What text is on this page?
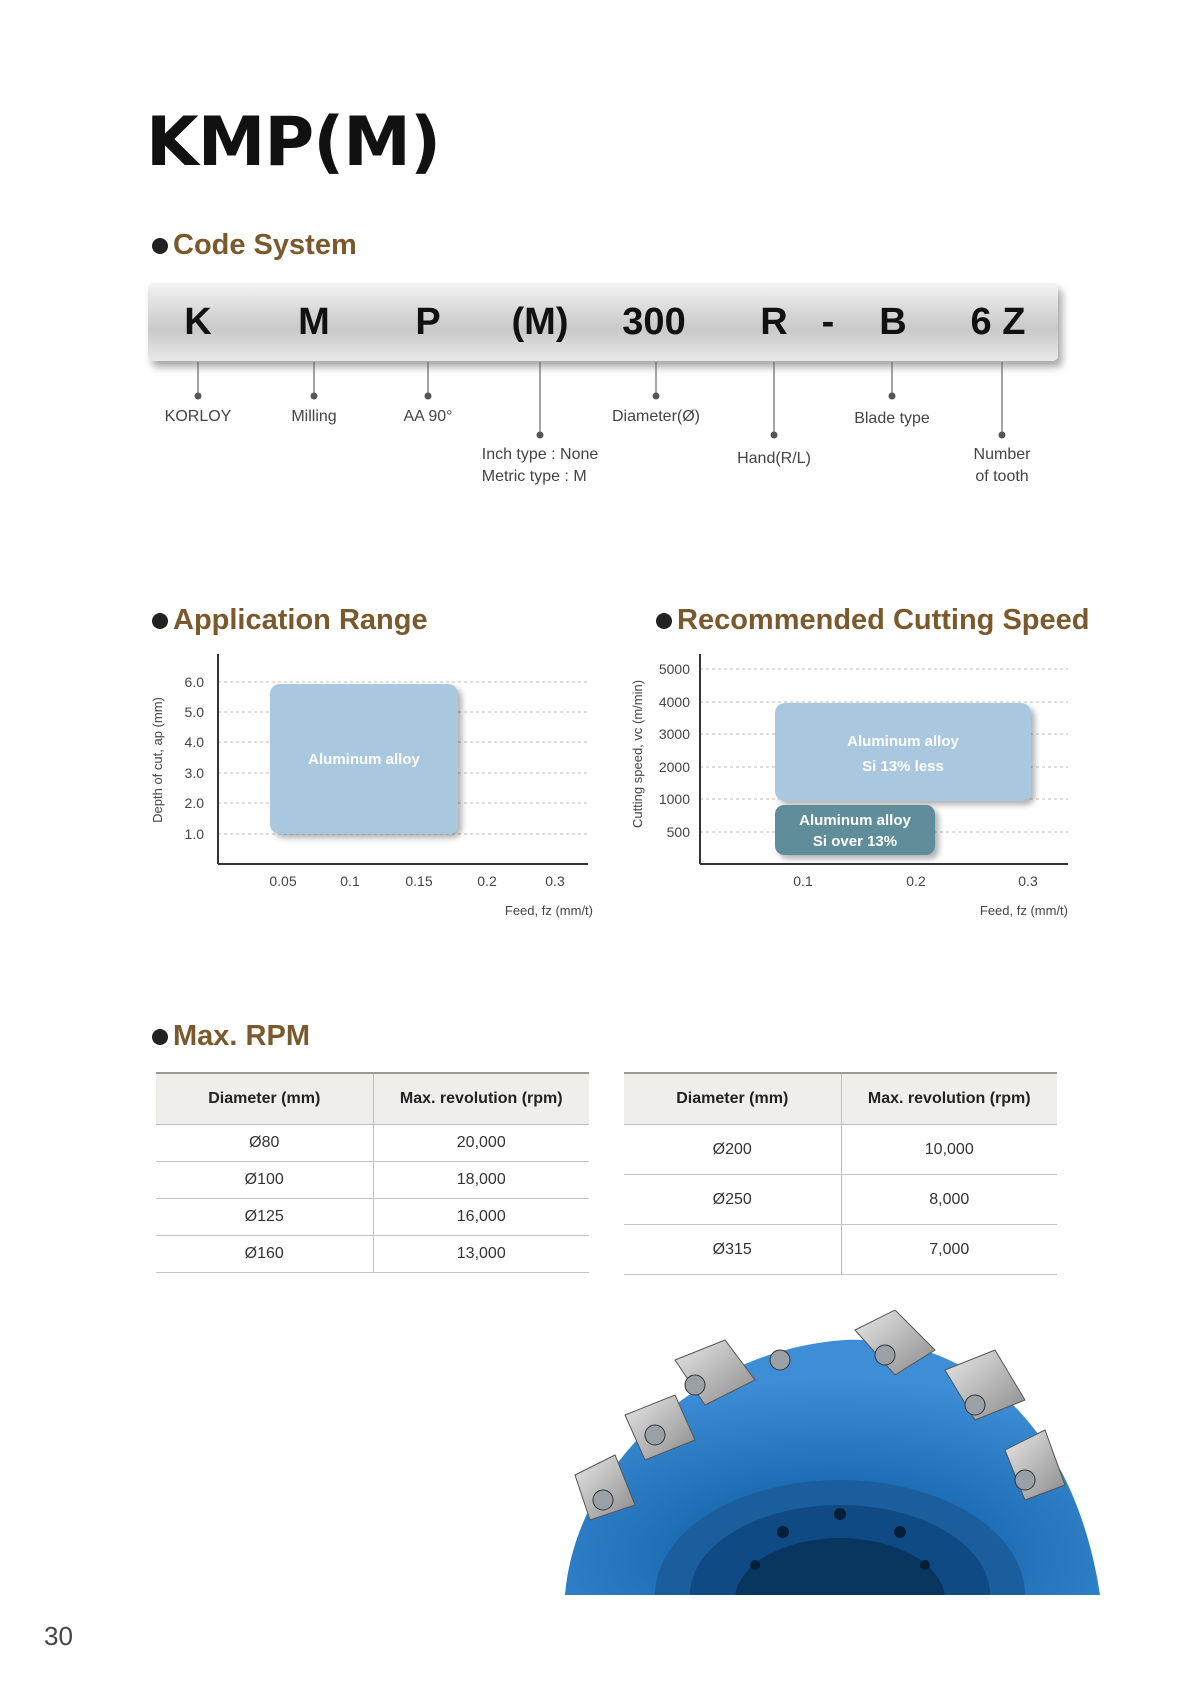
KMP(M)
Code System
K M P (M) 300 R - B 6 Z
KORLOY	Milling	AA 90°
Inch type : None
Metric type : M
Diameter(Ø)
Hand(R/L)
Blade type
Number
of tooth
Application Range	Recommended Cutting Speed
Aluminum alloy
6.0
5.0
4.0
3.0
2.0
1.0
0.05	0.1	0.15	0.2	0.3
Feed, fz (mm/t)
Depth of cut, ap (mm)	Aluminum alloy
Si 13% less
Aluminum alloy
Si over 13%
5000
4000
3000
2000
1000
500
0.1	0.2	0.3
Feed, fz (mm/t)
Cutting speed, vc (m/min)
Max. RPM
Diameter (mm)	Max. revolution (rpm)
Ø80	20,000
Ø100	18,000
Ø125	16,000
Ø160	13,000
Diameter (mm)	Max. revolution (rpm)
Ø200	10,000
Ø250	8,000
Ø315	7,000
30
